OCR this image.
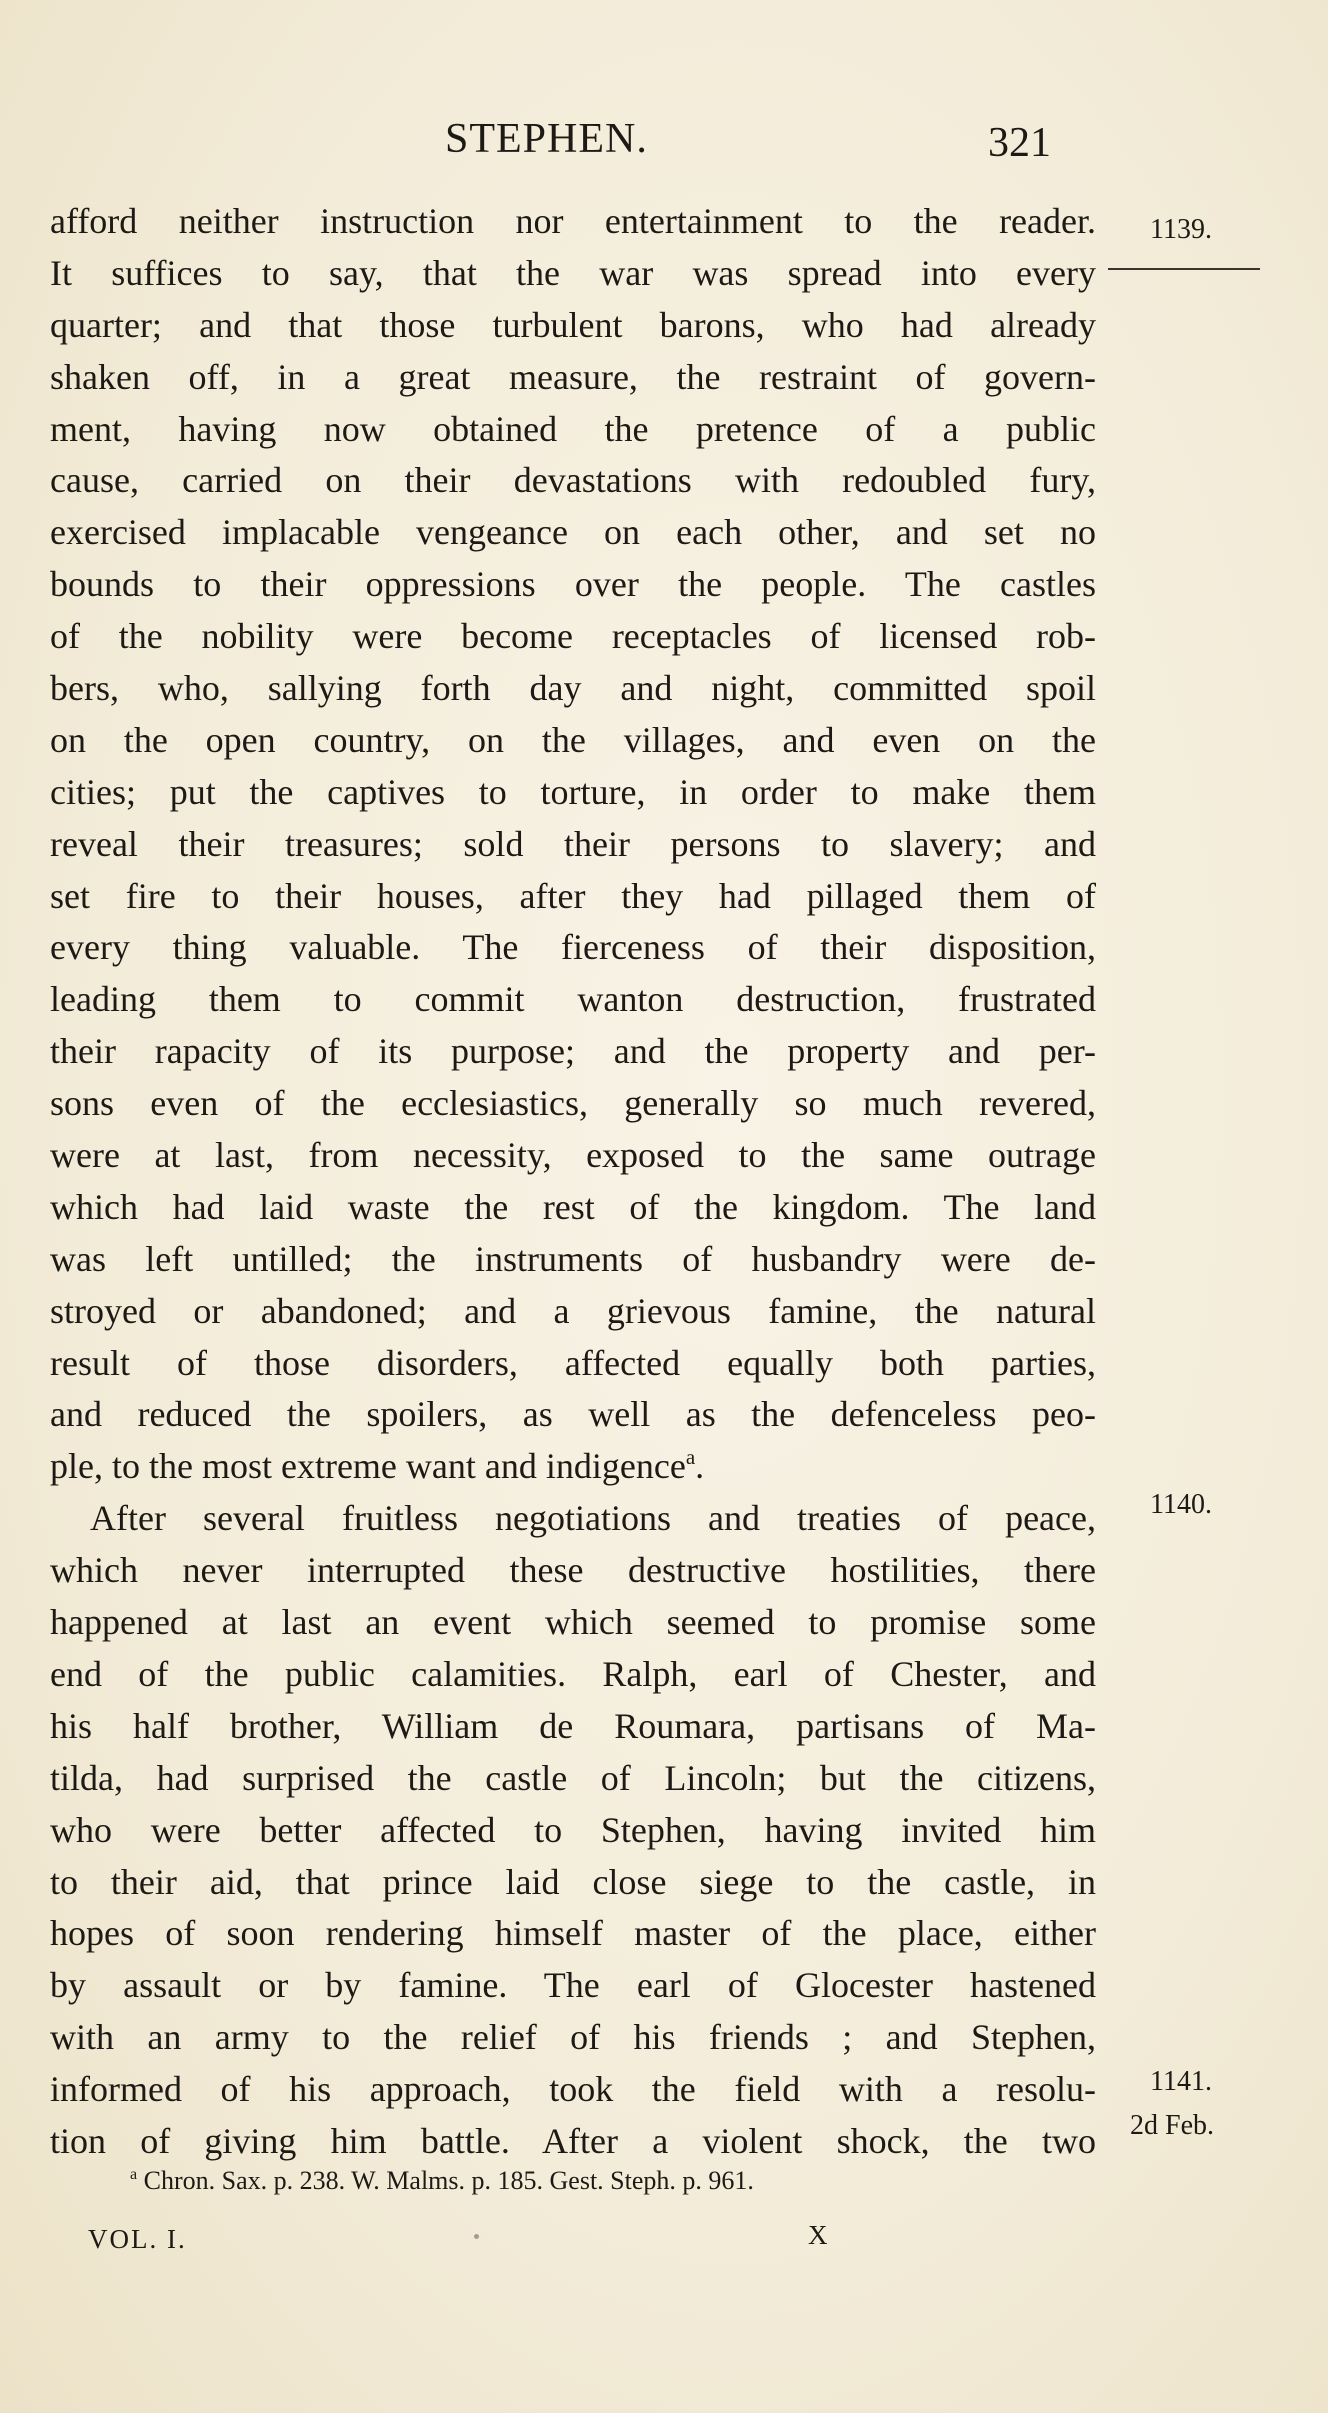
STEPHEN.	321
afford neither instruction nor entertainment to the reader.
It suffices to say, that the war was spread into every
quarter; and that those turbulent barons, who had already
shaken off, in a great measure, the restraint of govern-
ment, having now obtained the pretence of a public
cause, carried on their devastations with redoubled fury,
exercised implacable vengeance on each other, and set no
bounds to their oppressions over the people. The castles
of the nobility were become receptacles of licensed rob-
bers, who, sallying forth day and night, committed spoil
on the open country, on the villages, and even on the
cities; put the captives to torture, in order to make them
reveal their treasures; sold their persons to slavery; and
set fire to their houses, after they had pillaged them of
every thing valuable. The fierceness of their disposition,
leading them to commit wanton destruction, frustrated
their rapacity of its purpose; and the property and per-
sons even of the ecclesiastics, generally so much revered,
were at last, from necessity, exposed to the same outrage
which had laid waste the rest of the kingdom. The land
was left untilled; the instruments of husbandry were de-
stroyed or abandoned; and a grievous famine, the natural
result of those disorders, affected equally both parties,
and reduced the spoilers, as well as the defenceless peo-
ple, to the most extreme want and indigence$^a$.
After several fruitless negotiations and treaties of peace,
which never interrupted these destructive hostilities, there
happened at last an event which seemed to promise some
end of the public calamities. Ralph, earl of Chester, and
his half brother, William de Roumara, partisans of Ma-
tilda, had surprised the castle of Lincoln; but the citizens,
who were better affected to Stephen, having invited him
to their aid, that prince laid close siege to the castle, in
hopes of soon rendering himself master of the place, either
by assault or by famine. The earl of Glocester hastened
with an army to the relief of his friends ; and Stephen,
informed of his approach, took the field with a resolu-
tion of giving him battle. After a violent shock, the two
1139.
1140.
1141.
2d Feb.
$^a$ Chron. Sax. p. 238. W. Malms. p. 185. Gest. Steph. p. 961.
VOL. I.	X
